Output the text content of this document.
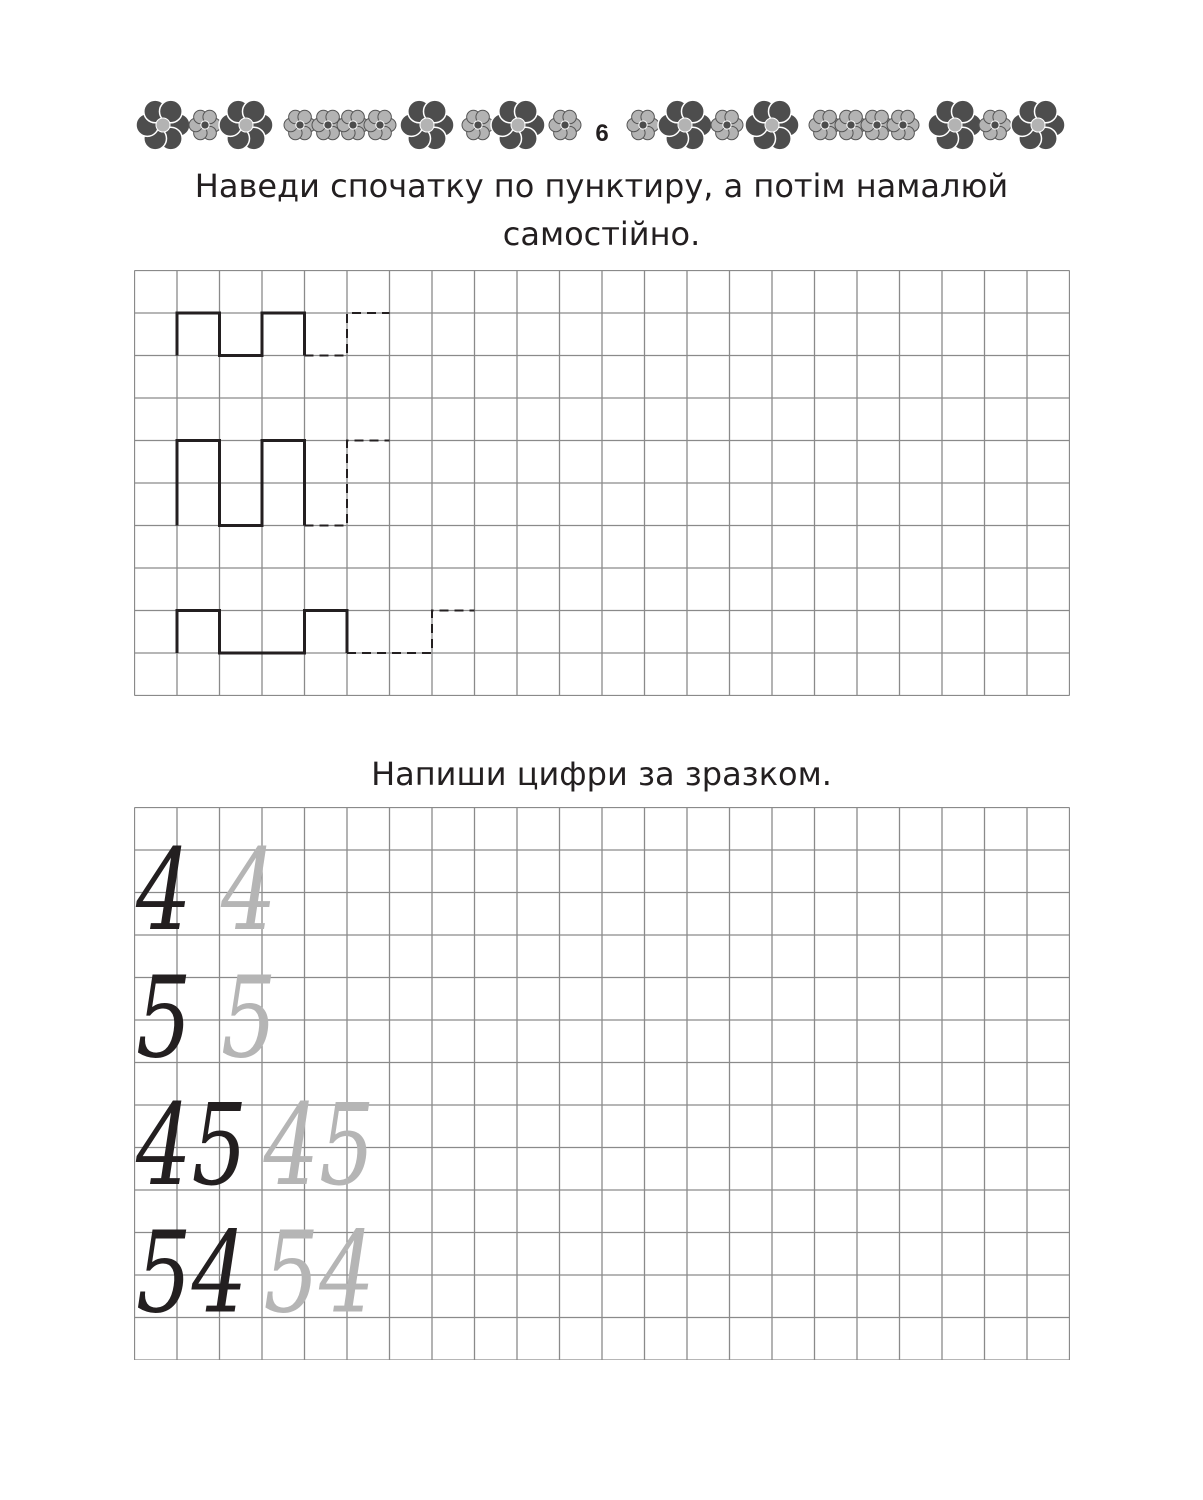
6
Наведи спочатку по пунктиру, а потім намалюй самостійно.
Напиши цифри за зразком.
4 4
5 5
45 45
54 54
